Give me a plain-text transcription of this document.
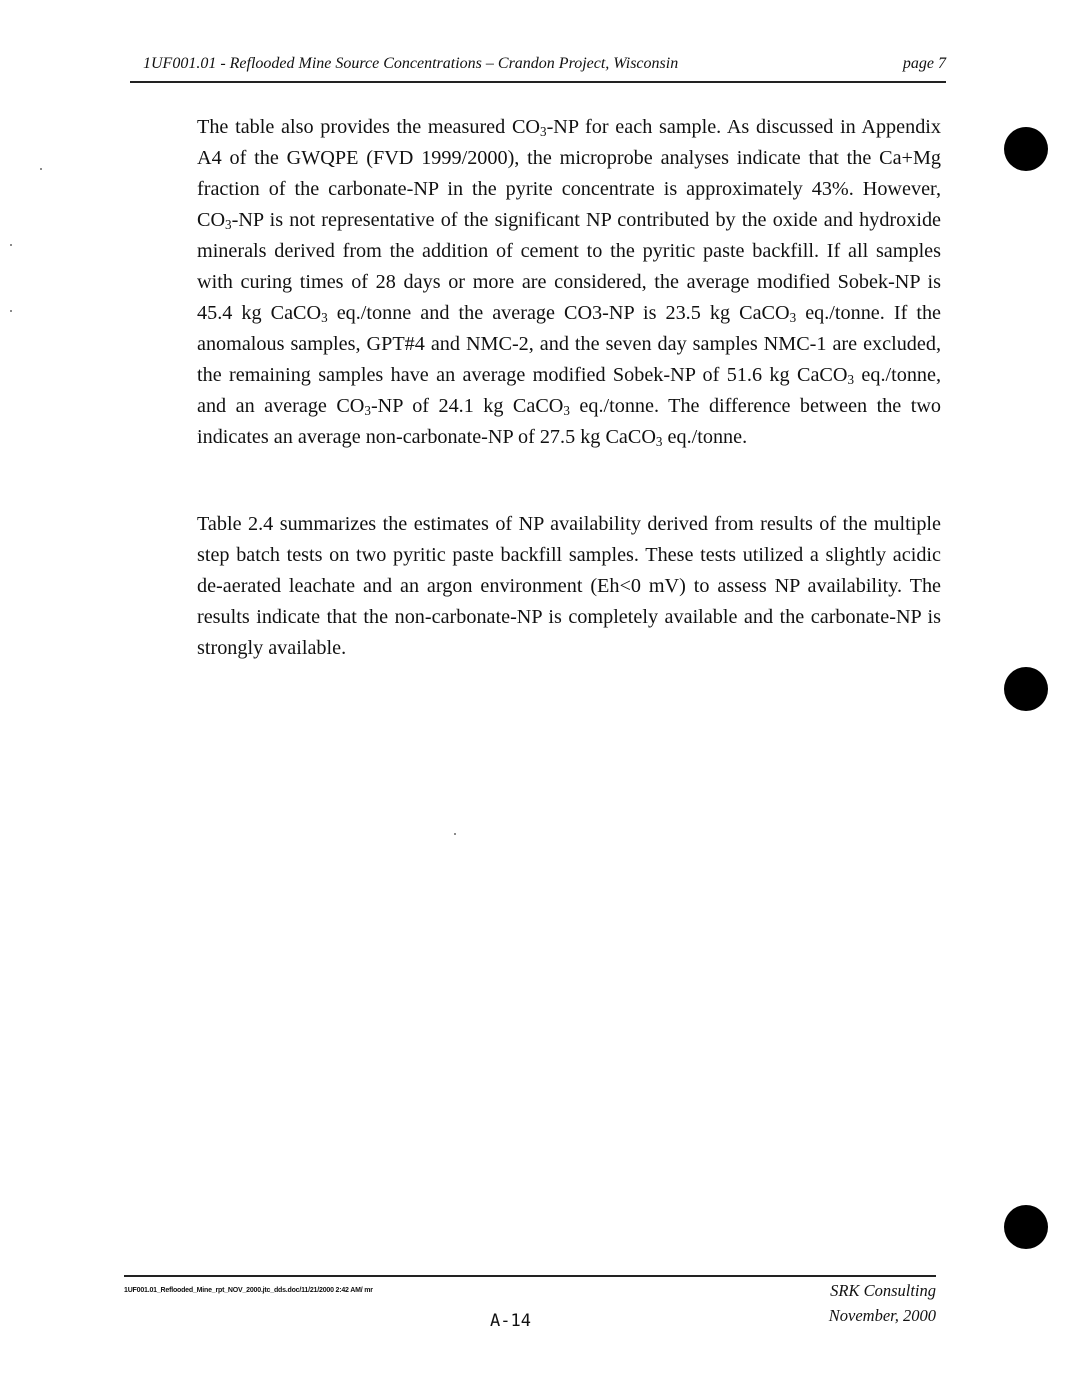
1UF001.01 - Reflooded Mine Source Concentrations – Crandon Project, Wisconsin	page 7

The table also provides the measured $CO_3-NP$ for each sample. As discussed in Appendix A4 of the GWQPE (FVD 1999/2000), the microprobe analyses indicate that the Ca+Mg fraction of the carbonate-NP in the pyrite concentrate is approximately 43%. However, $CO_3-NP$ is not representative of the significant NP contributed by the oxide and hydroxide minerals derived from the addition of cement to the pyritic paste backfill. If all samples with curing times of 28 days or more are considered, the average modified Sobek-NP is 45.4 kg CaCO$_3$ eq./tonne and the average CO3-NP is 23.5 kg CaCO$_3$ eq./tonne. If the anomalous samples, GPT#4 and NMC-2, and the seven day samples NMC-1 are excluded, the remaining samples have an average modified Sobek-NP of 51.6 kg CaCO$_3$ eq./tonne, and an average $CO_3-NP$ of 24.1 kg CaCO$_3$ eq./tonne. The difference between the two indicates an average non-carbonate-NP of 27.5 kg CaCO$_3$ eq./tonne.

Table 2.4 summarizes the estimates of NP availability derived from results of the multiple step batch tests on two pyritic paste backfill samples. These tests utilized a slightly acidic de-aerated leachate and an argon environment (Eh<0 mV) to assess NP availability. The results indicate that the non-carbonate-NP is completely available and the carbonate-NP is strongly available.

1UF001.01_Reflooded_Mine_rpt_NOV_2000.jtc_dds.doc/11/21/2000 2:42 AM/ mr
A-14
SRK Consulting
November, 2000
